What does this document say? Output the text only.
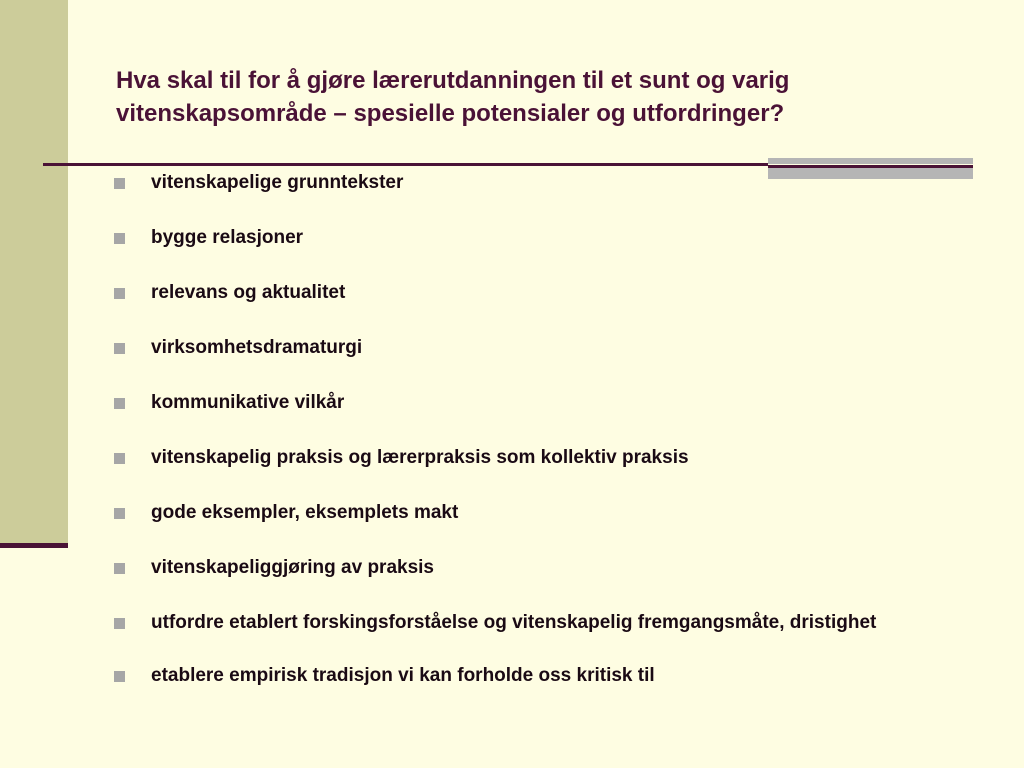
Hva skal til for å gjøre lærerutdanningen til et sunt og varig vitenskapsområde – spesielle potensialer og utfordringer?
vitenskapelige grunntekster
bygge relasjoner
relevans og aktualitet
virksomhetsdramaturgi
kommunikative vilkår
vitenskapelig praksis og lærerpraksis som kollektiv praksis
gode eksempler, eksemplets makt
vitenskapeliggjøring av praksis
utfordre etablert forskingsforståelse og vitenskapelig fremgangsmåte, dristighet
etablere empirisk tradisjon vi kan forholde oss kritisk til
